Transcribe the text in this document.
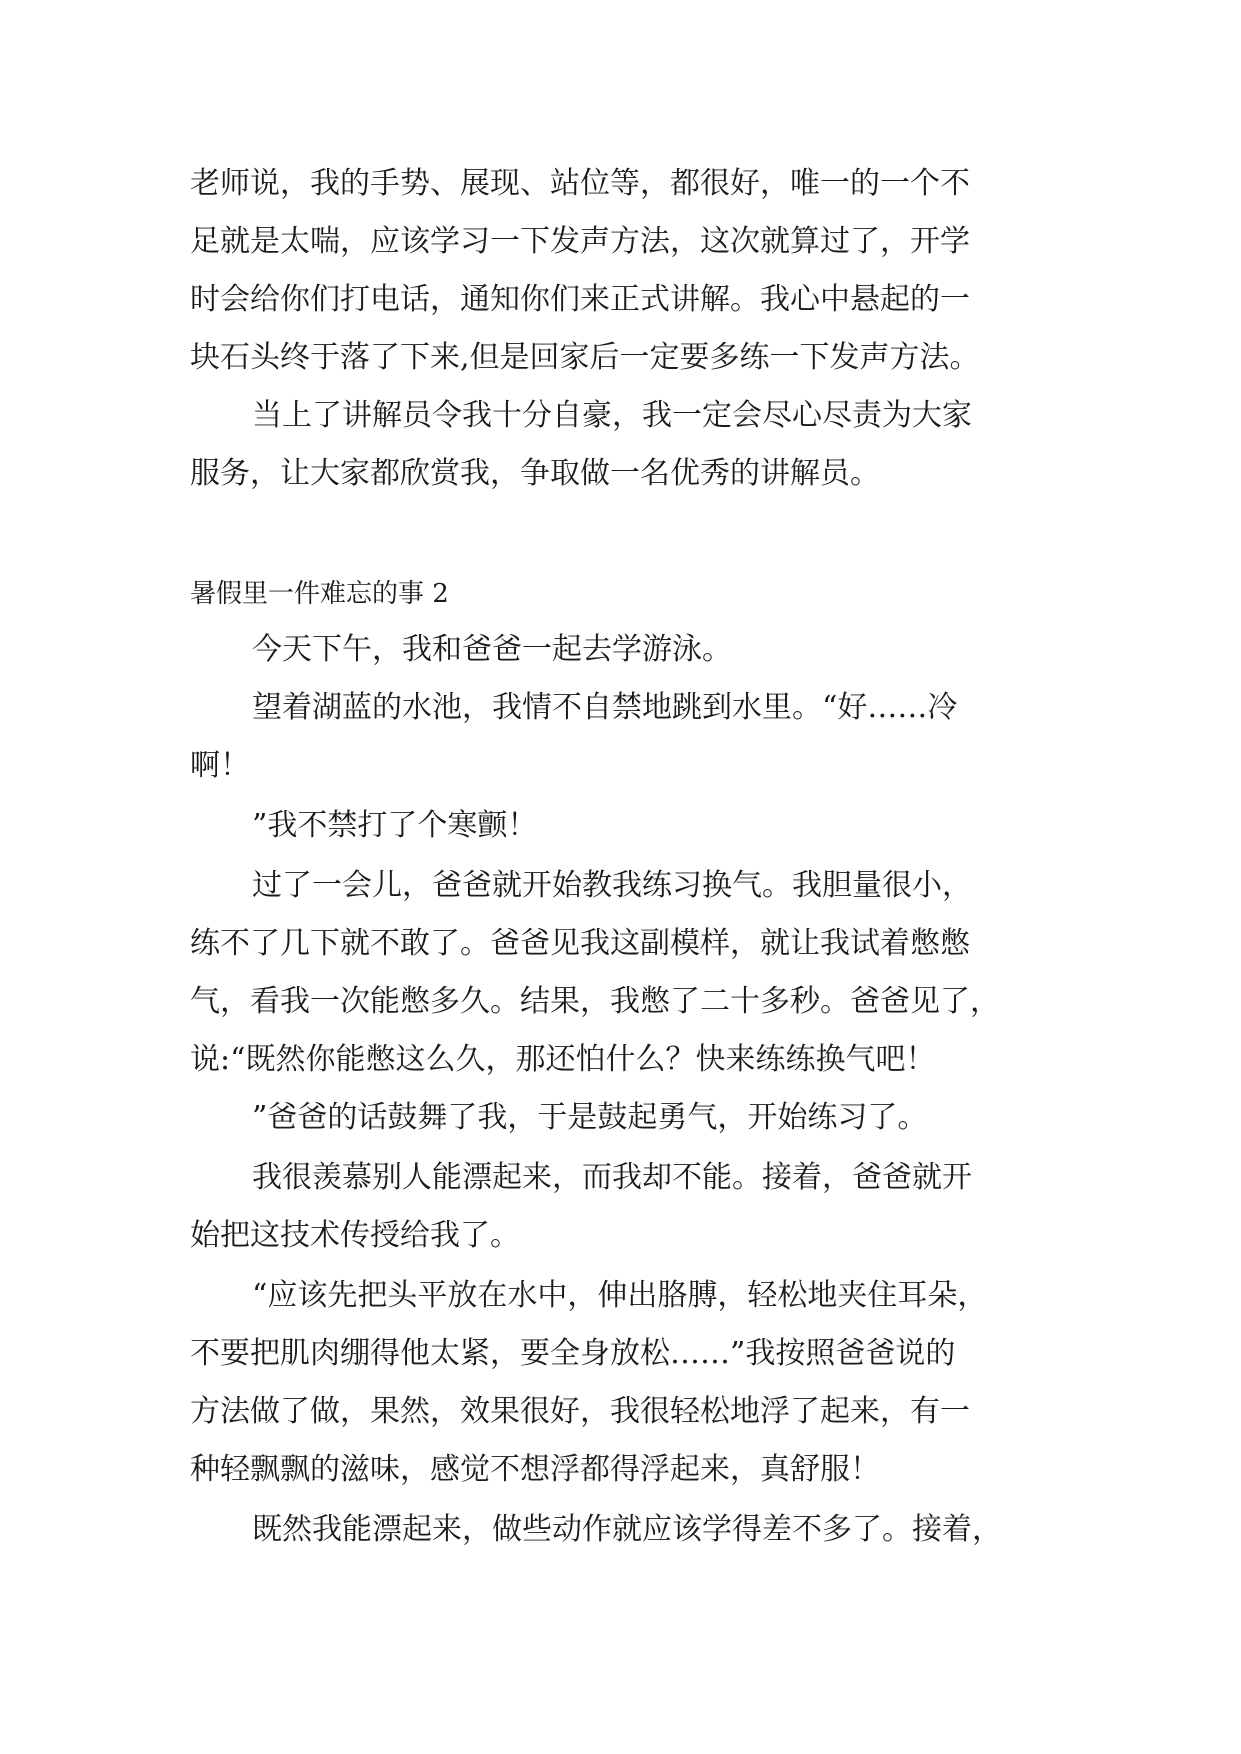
老师说，我的手势、展现、站位等，都很好，唯一的一个不
足就是太喘，应该学习一下发声方法，这次就算过了，开学
时会给你们打电话，通知你们来正式讲解。我心中悬起的一
块石头终于落了下来,但是回家后一定要多练一下发声方法。
当上了讲解员令我十分自豪，我一定会尽心尽责为大家
服务，让大家都欣赏我，争取做一名优秀的讲解员。
暑假里一件难忘的事 2
今天下午，我和爸爸一起去学游泳。
望着湖蓝的水池，我情不自禁地跳到水里。“好……冷
啊！
”我不禁打了个寒颤！
过了一会儿，爸爸就开始教我练习换气。我胆量很小，
练不了几下就不敢了。爸爸见我这副模样，就让我试着憋憋
气，看我一次能憋多久。结果，我憋了二十多秒。爸爸见了，
说:“既然你能憋这么久，那还怕什么？快来练练换气吧！
”爸爸的话鼓舞了我，于是鼓起勇气，开始练习了。
我很羡慕别人能漂起来，而我却不能。接着，爸爸就开
始把这技术传授给我了。
“应该先把头平放在水中，伸出胳膊，轻松地夹住耳朵，
不要把肌肉绷得他太紧，要全身放松……”我按照爸爸说的
方法做了做，果然，效果很好，我很轻松地浮了起来，有一
种轻飘飘的滋味，感觉不想浮都得浮起来，真舒服！
既然我能漂起来，做些动作就应该学得差不多了。接着，
